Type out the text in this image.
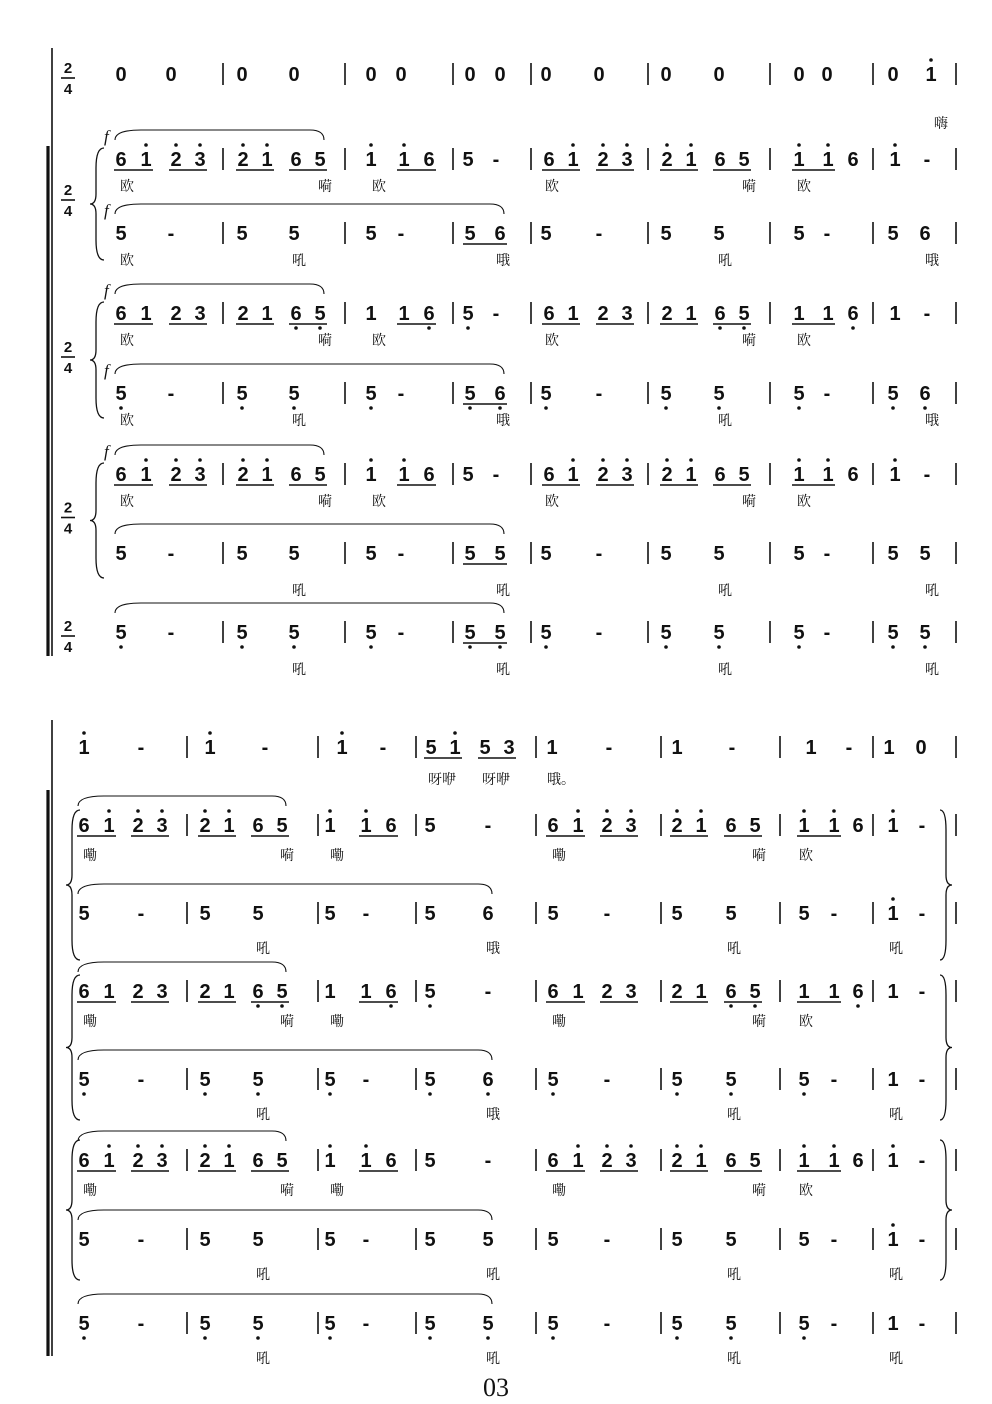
03
2
4
2
4
2
4
2
4
2
4
f
f
f
f
f
0 0	0 0	0 0	0 0 0 0	0 0	0 0	0 1
嗨
6 1 2 3 2 1 6 5 1 1 6 5 - 6 1 2 3 2 1 6 5 1 1 6 1 -
欧	嗬	欧	欧	嗬	欧
5 -	5 5	5 -	5 6 5 -	5 5	5 -	5 6
欧	吼	哦	吼	哦
6 1 2 3 2 1 6 5 1 1 6 5 - 6 1 2 3 2 1 6 5 1 1 6 1 -
欧	嗬	欧	欧	嗬	欧
5 -	5 5	5 -	5 6 5 -	5 5	5 -	5 6
欧	吼	哦	吼	哦
6 1 2 3 2 1 6 5 1 1 6 5 - 6 1 2 3 2 1 6 5 1 1 6 1 -
欧	嗬	欧	欧	嗬	欧
5 -	5 5	5 -	5 5 5 -	5 5	5 -	5 5
吼	吼	吼	吼
5 -	5 5	5 -	5 5 5 -	5 5	5 -	5 5
吼	吼	吼	吼
1 -	1 -	1 - 5 1 5 3 1 -	1 -	1 - 1 0
呀咿 呀咿	哦。
6 1 2 3 2 1 6 5 1 1 6 5 -	6 1 2 3 2 1 6 5 1 1 6 1 -
嘞	嗬	嘞	嘞	嗬 欧
5 -	5 5	5 -	5 6	5 -	5 5	5 -	1 -
吼	哦	吼	吼
6 1 2 3 2 1 6 5 1 1 6 5 -	6 1 2 3 2 1 6 5 1 1 6 1 -
嘞	嗬	嘞	嘞	嗬 欧
5 -	5 5	5 -	5 6	5 -	5 5	5 -	1 -
吼	哦	吼	吼
6 1 2 3 2 1 6 5 1 1 6 5 -	6 1 2 3 2 1 6 5 1 1 6 1 -
嘞	嗬	嘞	嘞	嗬 欧
5 -	5 5	5 -	5 5	5 -	5 5	5 -	1 -
吼	吼	吼	吼
5 -	5 5	5 -	5 5	5 -	5 5	5 -	1 -
吼	吼	吼	吼
